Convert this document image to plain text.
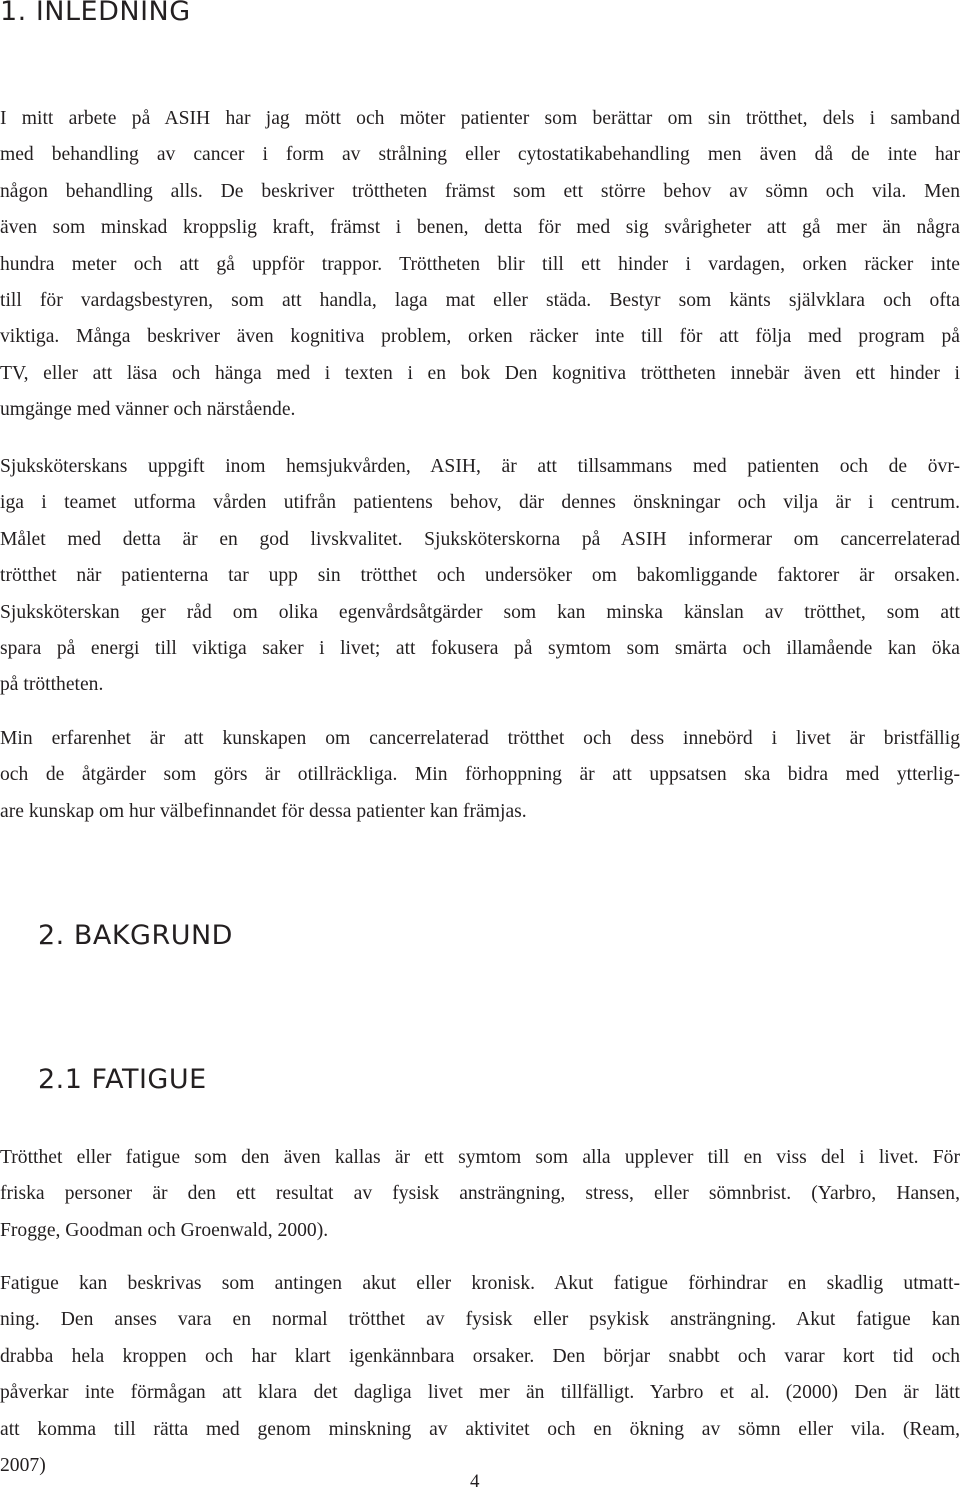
1. INLEDNING
I mitt arbete på ASIH har jag mött och möter patienter som berättar om sin trötthet, dels i samband
med behandling av cancer i form av strålning eller cytostatikabehandling men även då de inte har
någon behandling alls. De beskriver tröttheten främst som ett större behov av sömn och vila. Men
även som minskad kroppslig kraft, främst i benen, detta för med sig svårigheter att gå mer än några
hundra meter och att gå uppför trappor. Tröttheten blir till ett hinder i vardagen, orken räcker inte
till för vardagsbestyren, som att handla, laga mat eller städa. Bestyr som känts självklara och ofta
viktiga. Många beskriver även kognitiva problem, orken räcker inte till för att följa med program på
TV, eller att läsa och hänga med i texten i en bok Den kognitiva tröttheten innebär även ett hinder i
umgänge med vänner och närstående.
Sjuksköterskans uppgift inom hemsjukvården, ASIH, är att tillsammans med patienten och de övr-
iga i teamet utforma vården utifrån patientens behov, där dennes önskningar och vilja är i centrum.
Målet med detta är en god livskvalitet. Sjuksköterskorna på ASIH informerar om cancerrelaterad
trötthet när patienterna tar upp sin trötthet och undersöker om bakomliggande faktorer är orsaken.
Sjuksköterskan ger råd om olika egenvårdsåtgärder som kan minska känslan av trötthet, som att
spara på energi till viktiga saker i livet; att fokusera på symtom som smärta och illamående kan öka
på tröttheten.
Min erfarenhet är att kunskapen om cancerrelaterad trötthet och dess innebörd i livet är bristfällig
och de åtgärder som görs är otillräckliga. Min förhoppning är att uppsatsen ska bidra med ytterlig-
are kunskap om hur välbefinnandet för dessa patienter kan främjas.
2. BAKGRUND
2.1 FATIGUE
Trötthet eller fatigue som den även kallas är ett symtom som alla upplever till en viss del i livet. För
friska personer är den ett resultat av fysisk ansträngning, stress, eller sömnbrist. (Yarbro, Hansen,
Frogge, Goodman och Groenwald, 2000).
Fatigue kan beskrivas som antingen akut eller kronisk. Akut fatigue förhindrar en skadlig utmatt-
ning. Den anses vara en normal trötthet av fysisk eller psykisk ansträngning. Akut fatigue kan
drabba hela kroppen och har klart igenkännbara orsaker. Den börjar snabbt och varar kort tid och
påverkar inte förmågan att klara det dagliga livet mer än tillfälligt. Yarbro et al. (2000) Den är lätt
att komma till rätta med genom minskning av aktivitet och en ökning av sömn eller vila. (Ream,
2007)
4
